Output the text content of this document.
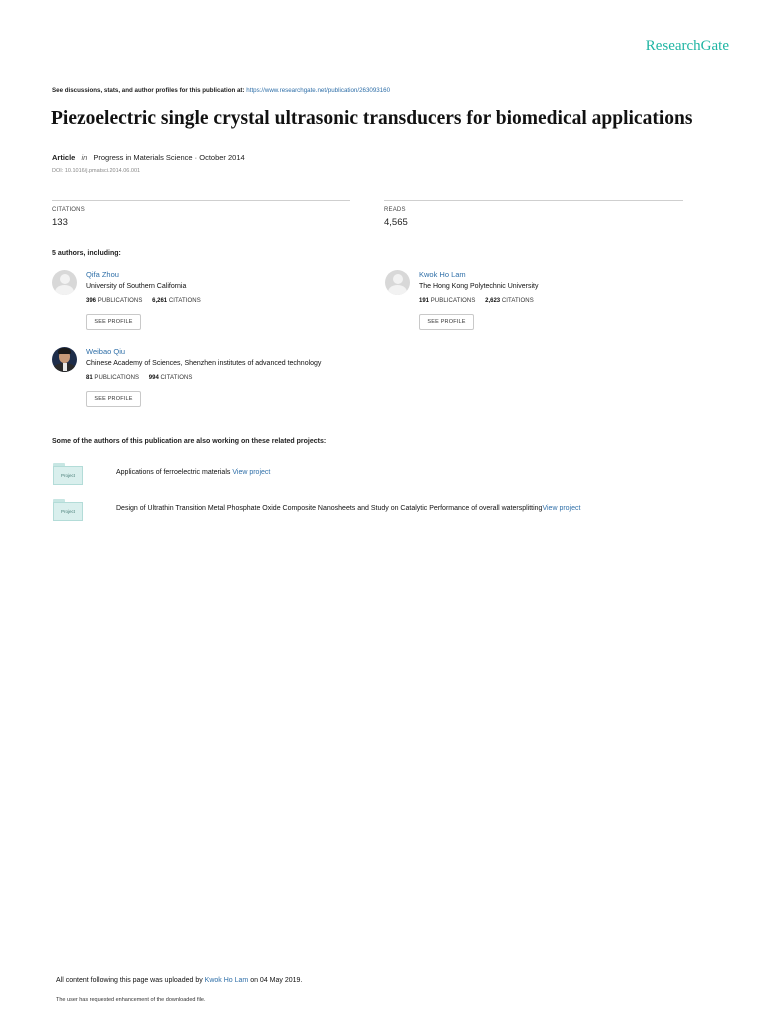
ResearchGate
See discussions, stats, and author profiles for this publication at: https://www.researchgate.net/publication/263093160
Piezoelectric single crystal ultrasonic transducers for biomedical applications
Article in Progress in Materials Science · October 2014
DOI: 10.1016/j.pmatsci.2014.06.001
CITATIONS
133
READS
4,565
5 authors, including:
Qifa Zhou
University of Southern California
396 PUBLICATIONS 6,261 CITATIONS
SEE PROFILE
Kwok Ho Lam
The Hong Kong Polytechnic University
191 PUBLICATIONS 2,623 CITATIONS
SEE PROFILE
Weibao Qiu
Chinese Academy of Sciences, Shenzhen institutes of advanced technology
81 PUBLICATIONS 994 CITATIONS
SEE PROFILE
Some of the authors of this publication are also working on these related projects:
Project	Applications of ferroelectric materials View project
Project	Design of Ultrathin Transition Metal Phosphate Oxide Composite Nanosheets and Study on Catalytic Performance of overall watersplittingView project
All content following this page was uploaded by Kwok Ho Lam on 04 May 2019.
The user has requested enhancement of the downloaded file.
